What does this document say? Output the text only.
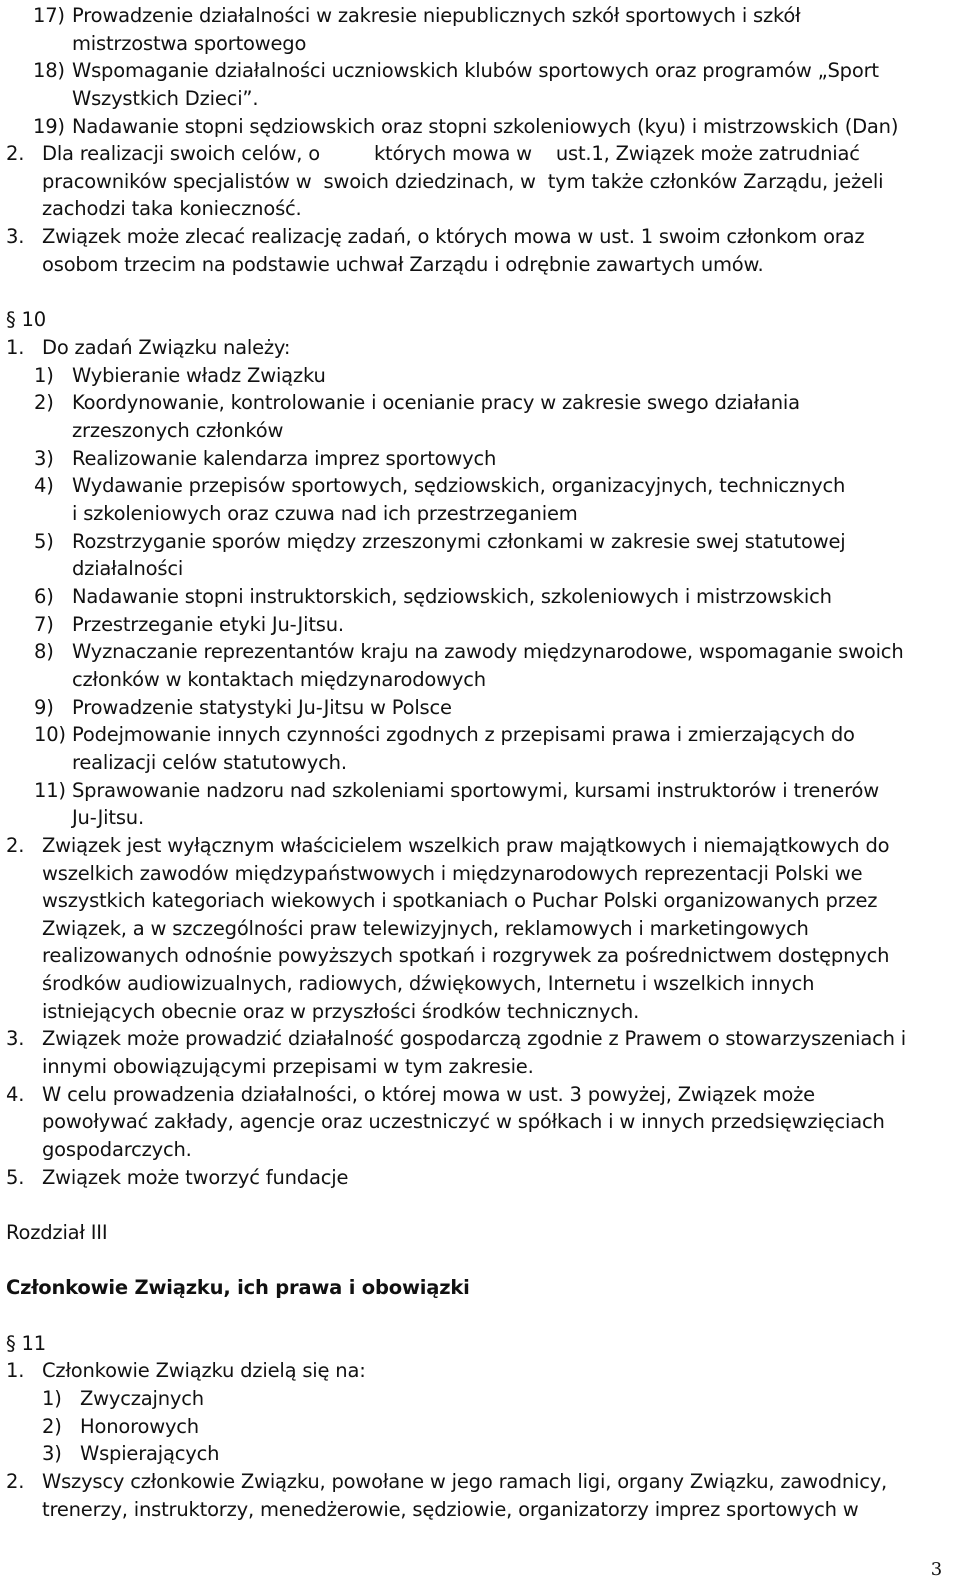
17) Prowadzenie działalności w zakresie niepublicznych szkół sportowych i szkół
mistrzostwa sportowego
18) Wspomaganie działalności uczniowskich klubów sportowych oraz programów „Sport
Wszystkich Dzieci”.
19) Nadawanie stopni sędziowskich oraz stopni szkoleniowych (kyu) i mistrzowskich (Dan)
2. Dla realizacji swoich celów, o         których mowa w    ust.1, Związek może zatrudniać
pracowników specjalistów w  swoich dziedzinach, w  tym także członków Zarządu, jeżeli
zachodzi taka konieczność.
3. Związek może zlecać realizację zadań, o których mowa w ust. 1 swoim członkom oraz
osobom trzecim na podstawie uchwał Zarządu i odrębnie zawartych umów.
§ 10
1. Do zadań Związku należy:
1) Wybieranie władz Związku
2) Koordynowanie, kontrolowanie i ocenianie pracy w zakresie swego działania
zrzeszonych członków
3) Realizowanie kalendarza imprez sportowych
4) Wydawanie przepisów sportowych, sędziowskich, organizacyjnych, technicznych
i szkoleniowych oraz czuwa nad ich przestrzeganiem
5) Rozstrzyganie sporów między zrzeszonymi członkami w zakresie swej statutowej
działalności
6) Nadawanie stopni instruktorskich, sędziowskich, szkoleniowych i mistrzowskich
7) Przestrzeganie etyki Ju-Jitsu.
8) Wyznaczanie reprezentantów kraju na zawody międzynarodowe, wspomaganie swoich
członków w kontaktach międzynarodowych
9) Prowadzenie statystyki Ju-Jitsu w Polsce
10) Podejmowanie innych czynności zgodnych z przepisami prawa i zmierzających do
realizacji celów statutowych.
11) Sprawowanie nadzoru nad szkoleniami sportowymi, kursami instruktorów i trenerów
Ju-Jitsu.
2. Związek jest wyłącznym właścicielem wszelkich praw majątkowych i niemajątkowych do
wszelkich zawodów międzypaństwowych i międzynarodowych reprezentacji Polski we
wszystkich kategoriach wiekowych i spotkaniach o Puchar Polski organizowanych przez
Związek, a w szczególności praw telewizyjnych, reklamowych i marketingowych
realizowanych odnośnie powyższych spotkań i rozgrywek za pośrednictwem dostępnych
środków audiowizualnych, radiowych, dźwiękowych, Internetu i wszelkich innych
istniejących obecnie oraz w przyszłości środków technicznych.
3. Związek może prowadzić działalność gospodarczą zgodnie z Prawem o stowarzyszeniach i
innymi obowiązującymi przepisami w tym zakresie.
4. W celu prowadzenia działalności, o której mowa w ust. 3 powyżej, Związek może
powoływać zakłady, agencje oraz uczestniczyć w spółkach i w innych przedsięwzięciach
gospodarczych.
5. Związek może tworzyć fundacje
Rozdział III
Członkowie Związku, ich prawa i obowiązki
§ 11
1. Członkowie Związku dzielą się na:
1) Zwyczajnych
2) Honorowych
3) Wspierających
2. Wszyscy członkowie Związku, powołane w jego ramach ligi, organy Związku, zawodnicy,
trenerzy, instruktorzy, menedżerowie, sędziowie, organizatorzy imprez sportowych w
3
